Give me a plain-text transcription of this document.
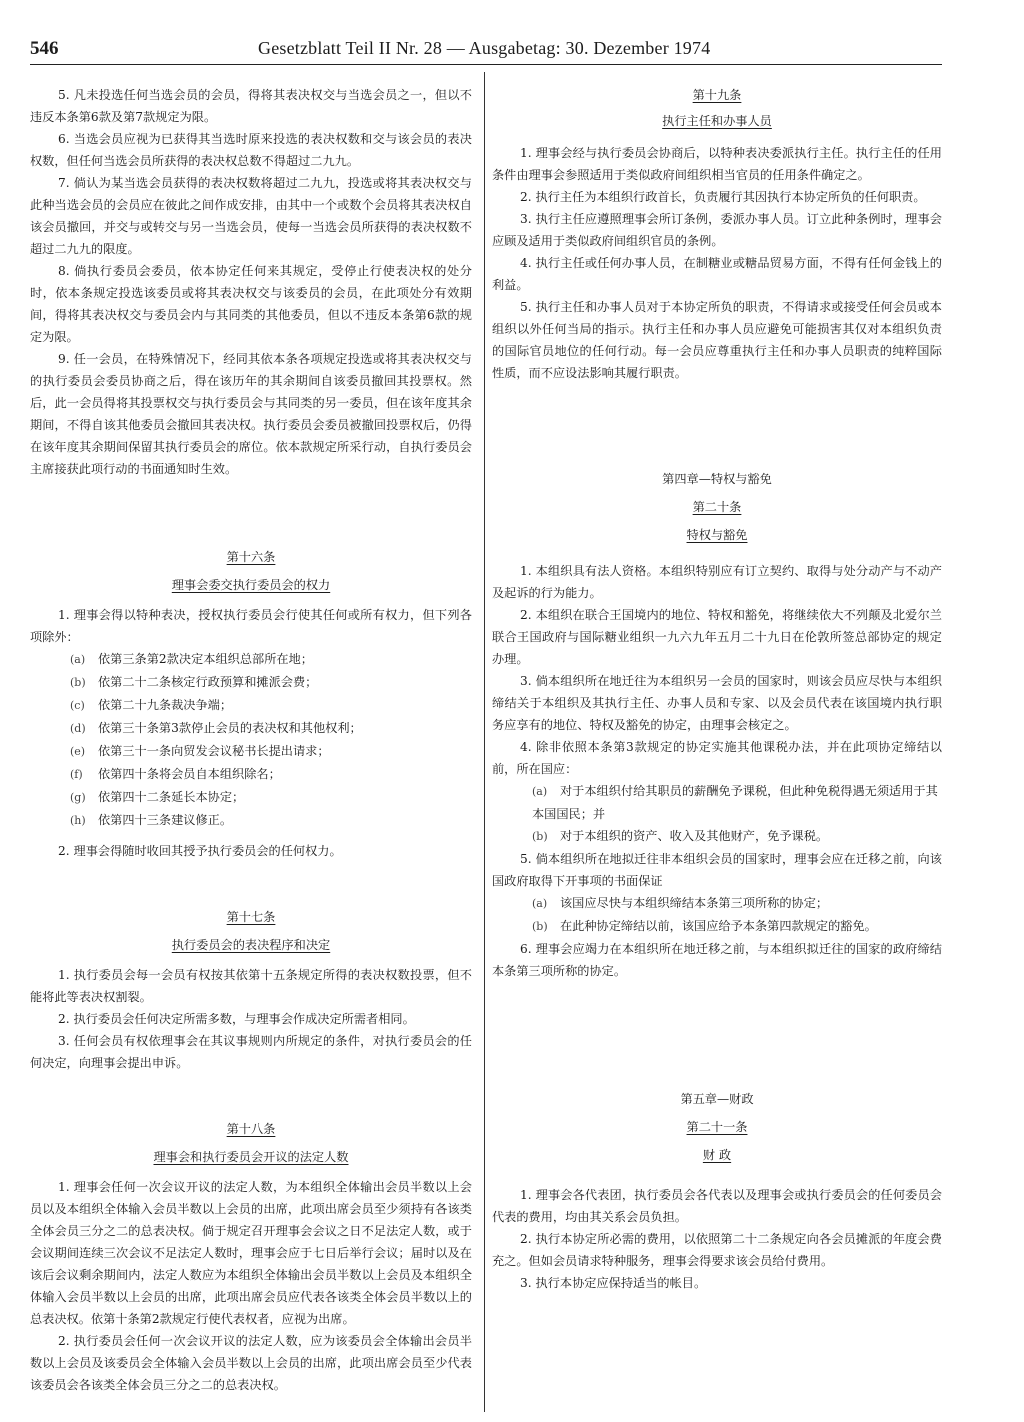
546	Gesetzblatt Teil II Nr. 28 — Ausgabetag: 30. Dezember 1974

5. 凡未投选任何当选会员的会员，得将其表决权交与当选会员之一，但以不违反本条第6款及第7款规定为限。

6. 当选会员应视为已获得其当选时原来投选的表决权数和交与该会员的表决权数，但任何当选会员所获得的表决权总数不得超过二九九。

7. 倘认为某当选会员获得的表决权数将超过二九九，投选或将其表决权交与此种当选会员的会员应在彼此之间作成安排，由其中一个或数个会员将其表决权自该会员撤回，并交与或转交与另一当选会员，使每一当选会员所获得的表决权数不超过二九九的限度。

8. 倘执行委员会委员，依本协定任何来其规定，受停止行使表决权的处分时，依本条规定投选该委员或将其表决权交与该委员的会员，在此项处分有效期间，得将其表决权交与委员会内与其同类的其他委员，但以不违反本条第6款的规定为限。

9. 任一会员，在特殊情况下，经同其依本条各项规定投选或将其表决权交与的执行委员会委员协商之后，得在该历年的其余期间自该委员撤回其投票权。然后，此一会员得将其投票权交与执行委员会与其同类的另一委员，但在该年度其余期间，不得自该其他委员会撤回其表决权。执行委员会委员被撤回投票权后，仍得在该年度其余期间保留其执行委员会的席位。依本款规定所采行动，自执行委员会主席接获此项行动的书面通知时生效。

第十六条

理事会委交执行委员会的权力

1. 理事会得以特种表决，授权执行委员会行使其任何或所有权力，但下列各项除外：

(a) 依第三条第2款决定本组织总部所在地；

(b) 依第二十二条核定行政预算和摊派会费；

(c) 依第二十九条裁决争端；

(d) 依第三十条第3款停止会员的表决权和其他权利；

(e) 依第三十一条向贸发会议秘书长提出请求；

(f) 依第四十条将会员自本组织除名；

(g) 依第四十二条延长本协定；

(h) 依第四十三条建议修正。

2. 理事会得随时收回其授予执行委员会的任何权力。

第十七条

执行委员会的表决程序和决定

1. 执行委员会每一会员有权按其依第十五条规定所得的表决权数投票，但不能将此等表决权割裂。

2. 执行委员会任何决定所需多数，与理事会作成决定所需者相同。

3. 任何会员有权依理事会在其议事规则内所规定的条件，对执行委员会的任何决定，向理事会提出申诉。

第十八条

理事会和执行委员会开议的法定人数

1. 理事会任何一次会议开议的法定人数，为本组织全体输出会员半数以上会员以及本组织全体输入会员半数以上会员的出席，此项出席会员至少须持有各该类全体会员三分之二的总表决权。倘于规定召开理事会会议之日不足法定人数，或于会议期间连续三次会议不足法定人数时，理事会应于七日后举行会议；届时以及在该后会议剩余期间内，法定人数应为本组织全体输出会员半数以上会员及本组织全体输入会员半数以上会员的出席，此项出席会员应代表各该类全体会员半数以上的总表决权。依第十条第2款规定行使代表权者，应视为出席。

2. 执行委员会任何一次会议开议的法定人数，应为该委员会全体输出会员半数以上会员及该委员会全体输入会员半数以上会员的出席，此项出席会员至少代表该委员会各该类全体会员三分之二的总表决权。

第十九条

执行主任和办事人员

1. 理事会经与执行委员会协商后，以特种表决委派执行主任。执行主任的任用条件由理事会参照适用于类似政府间组织相当官员的任用条件确定之。

2. 执行主任为本组织行政首长，负责履行其因执行本协定所负的任何职责。

3. 执行主任应遵照理事会所订条例，委派办事人员。订立此种条例时，理事会应顾及适用于类似政府间组织官员的条例。

4. 执行主任或任何办事人员，在制糖业或糖品贸易方面，不得有任何金钱上的利益。

5. 执行主任和办事人员对于本协定所负的职责，不得请求或接受任何会员或本组织以外任何当局的指示。执行主任和办事人员应避免可能损害其仅对本组织负责的国际官员地位的任何行动。每一会员应尊重执行主任和办事人员职责的纯粹国际性质，而不应设法影响其履行职责。

第四章—特权与豁免

第二十条

特权与豁免

1. 本组织具有法人资格。本组织特别应有订立契约、取得与处分动产与不动产及起诉的行为能力。

2. 本组织在联合王国境内的地位、特权和豁免，将继续依大不列颠及北爱尔兰联合王国政府与国际糖业组织一九六九年五月二十九日在伦敦所签总部协定的规定办理。

3. 倘本组织所在地迁往为本组织另一会员的国家时，则该会员应尽快与本组织缔结关于本组织及其执行主任、办事人员和专家、以及会员代表在该国境内执行职务应享有的地位、特权及豁免的协定，由理事会核定之。

4. 除非依照本条第3款规定的协定实施其他课税办法，并在此项协定缔结以前，所在国应：

(a) 对于本组织付给其职员的薪酬免予课税，但此种免税得遇无须适用于其本国国民；并

(b) 对于本组织的资产、收入及其他财产，免予课税。

5. 倘本组织所在地拟迁往非本组织会员的国家时，理事会应在迁移之前，向该国政府取得下开事项的书面保证

(a) 该国应尽快与本组织缔结本条第三项所称的协定；

(b) 在此种协定缔结以前，该国应给予本条第四款规定的豁免。

6. 理事会应竭力在本组织所在地迁移之前，与本组织拟迁往的国家的政府缔结本条第三项所称的协定。

第五章—财政

第二十一条

财 政

1. 理事会各代表团，执行委员会各代表以及理事会或执行委员会的任何委员会代表的费用，均由其关系会员负担。

2. 执行本协定所必需的费用，以依照第二十二条规定向各会员摊派的年度会费充之。但如会员请求特种服务，理事会得要求该会员给付费用。

3. 执行本协定应保持适当的帐目。
